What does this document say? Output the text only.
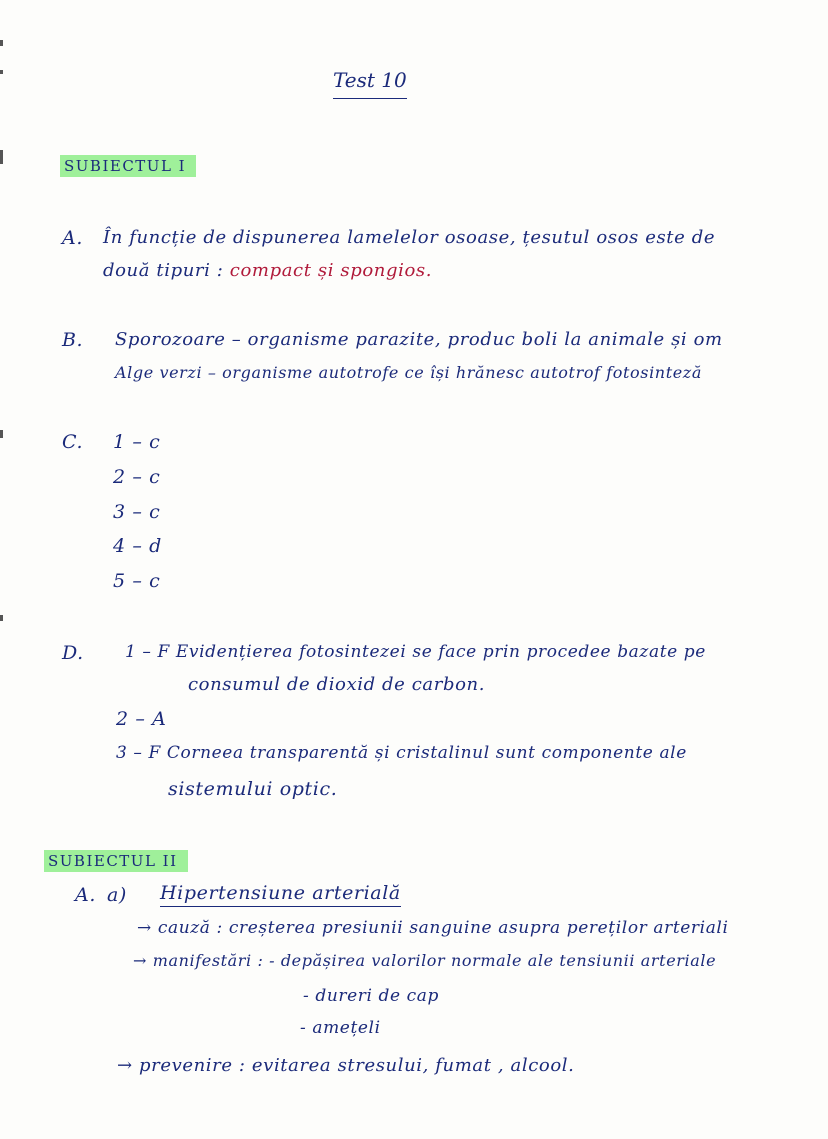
Test 10
SUBIECTUL I
A. În funcție de dispunerea lamelelor osoase, țesutul osos este de
două tipuri : compact și spongios.
B. Sporozoare – organisme parazite, produc boli la animale și om
Alge verzi – organisme autotrofe ce își hrănesc autotrof fotosinteză
C. 1 – c
2 – c
3 – c
4 – d
5 – c
D. 1 – F Evidențierea fotosintezei se face prin procedee bazate pe
consumul de dioxid de carbon.
2 – A
3 – F Corneea transparentă și cristalinul sunt componente ale
sistemului optic.
SUBIECTUL II
A. a) Hipertensiune arterială
→ cauză : creșterea presiunii sanguine asupra pereților arteriali
→ manifestări : - depășirea valorilor normale ale tensiunii arteriale
- dureri de cap
- amețeli
→ prevenire : evitarea stresului, fumat , alcool.
